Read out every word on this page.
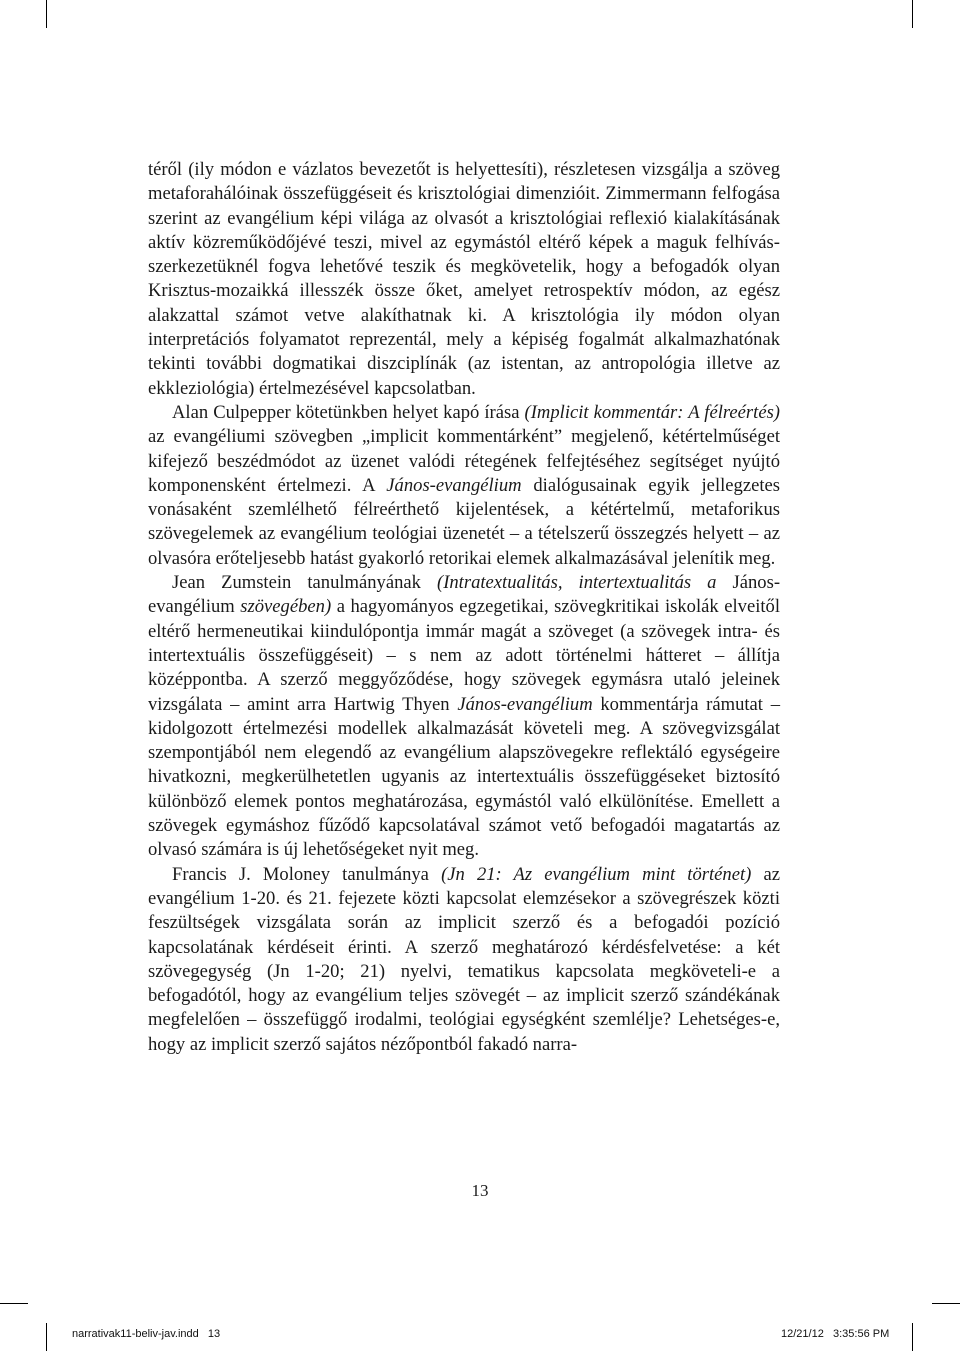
téről (ily módon e vázlatos bevezetőt is helyettesíti), részletesen vizsgálja a szöveg metaforahálóinak összefüggéseit és krisztológiai dimenzióit. Zimmermann felfogása szerint az evangélium képi világa az olvasót a krisztológiai reflexió kialakításának aktív közreműködőjévé teszi, mivel az egymástól eltérő képek a maguk felhívás-szerkezetüknél fogva lehetővé teszik és megkövetelik, hogy a befogadók olyan Krisztus-mozaikká illesszék össze őket, amelyet retrospektív módon, az egész alakzattal számot vetve alakíthatnak ki. A krisztológia ily módon olyan interpretációs folyamatot reprezentál, mely a képiség fogalmát alkalmazhatónak tekinti további dogmatikai diszciplínák (az istentan, az antropológia illetve az ekkleziológia) értelmezésével kapcsolatban.

Alan Culpepper kötetünkben helyet kapó írása (Implicit kommentár: A félreértés) az evangéliumi szövegben „implicit kommentárként” megjelenő, kétértelműséget kifejező beszédmódot az üzenet valódi rétegének felfejtéséhez segítséget nyújtó komponensként értelmezi. A János-evangélium dialógusainak egyik jellegzetes vonásaként szemlélhető félreérthető kijelentések, a kétértelmű, metaforikus szövegelemek az evangélium teológiai üzenetét – a tételszerű összegzés helyett – az olvasóra erőteljesebb hatást gyakorló retorikai elemek alkalmazásával jelenítik meg.

Jean Zumstein tanulmányának (Intratextualitás, intertextualitás a János-evangélium szövegében) a hagyományos egzegetikai, szövegkritikai iskolák elveitől eltérő hermeneutikai kiindulópontja immár magát a szöveget (a szövegek intra- és intertextuális összefüggéseit) – s nem az adott történelmi hátteret – állítja középpontba. A szerző meggyőződése, hogy szövegek egymásra utaló jeleinek vizsgálata – amint arra Hartwig Thyen János-evangélium kommentárja rámutat – kidolgozott értelmezési modellek alkalmazását követeli meg. A szövegvizsgálat szempontjából nem elegendő az evangélium alapszövegekre reflektáló egységeire hivatkozni, megkerülhetetlen ugyanis az intertextuális összefüggéseket biztosító különböző elemek pontos meghatározása, egymástól való elkülönítése. Emellett a szövegek egymáshoz fűződő kapcsolatával számot vető befogadói magatartás az olvasó számára is új lehetőségeket nyit meg.

Francis J. Moloney tanulmánya (Jn 21: Az evangélium mint történet) az evangélium 1-20. és 21. fejezete közti kapcsolat elemzésekor a szövegrészek közti feszültségek vizsgálata során az implicit szerző és a befogadói pozíció kapcsolatának kérdéseit érinti. A szerző meghatározó kérdésfelvetése: a két szövegegység (Jn 1-20; 21) nyelvi, tematikus kapcsolata megköveteli-e a befogadótól, hogy az evangélium teljes szövegét – az implicit szerző szándékának megfelelően – összefüggő irodalmi, teológiai egységként szemlélje? Lehetséges-e, hogy az implicit szerző sajátos nézőpontból fakadó narra-

13
narrativak11-beliv-jav.indd   13	12/21/12   3:35:56 PM
